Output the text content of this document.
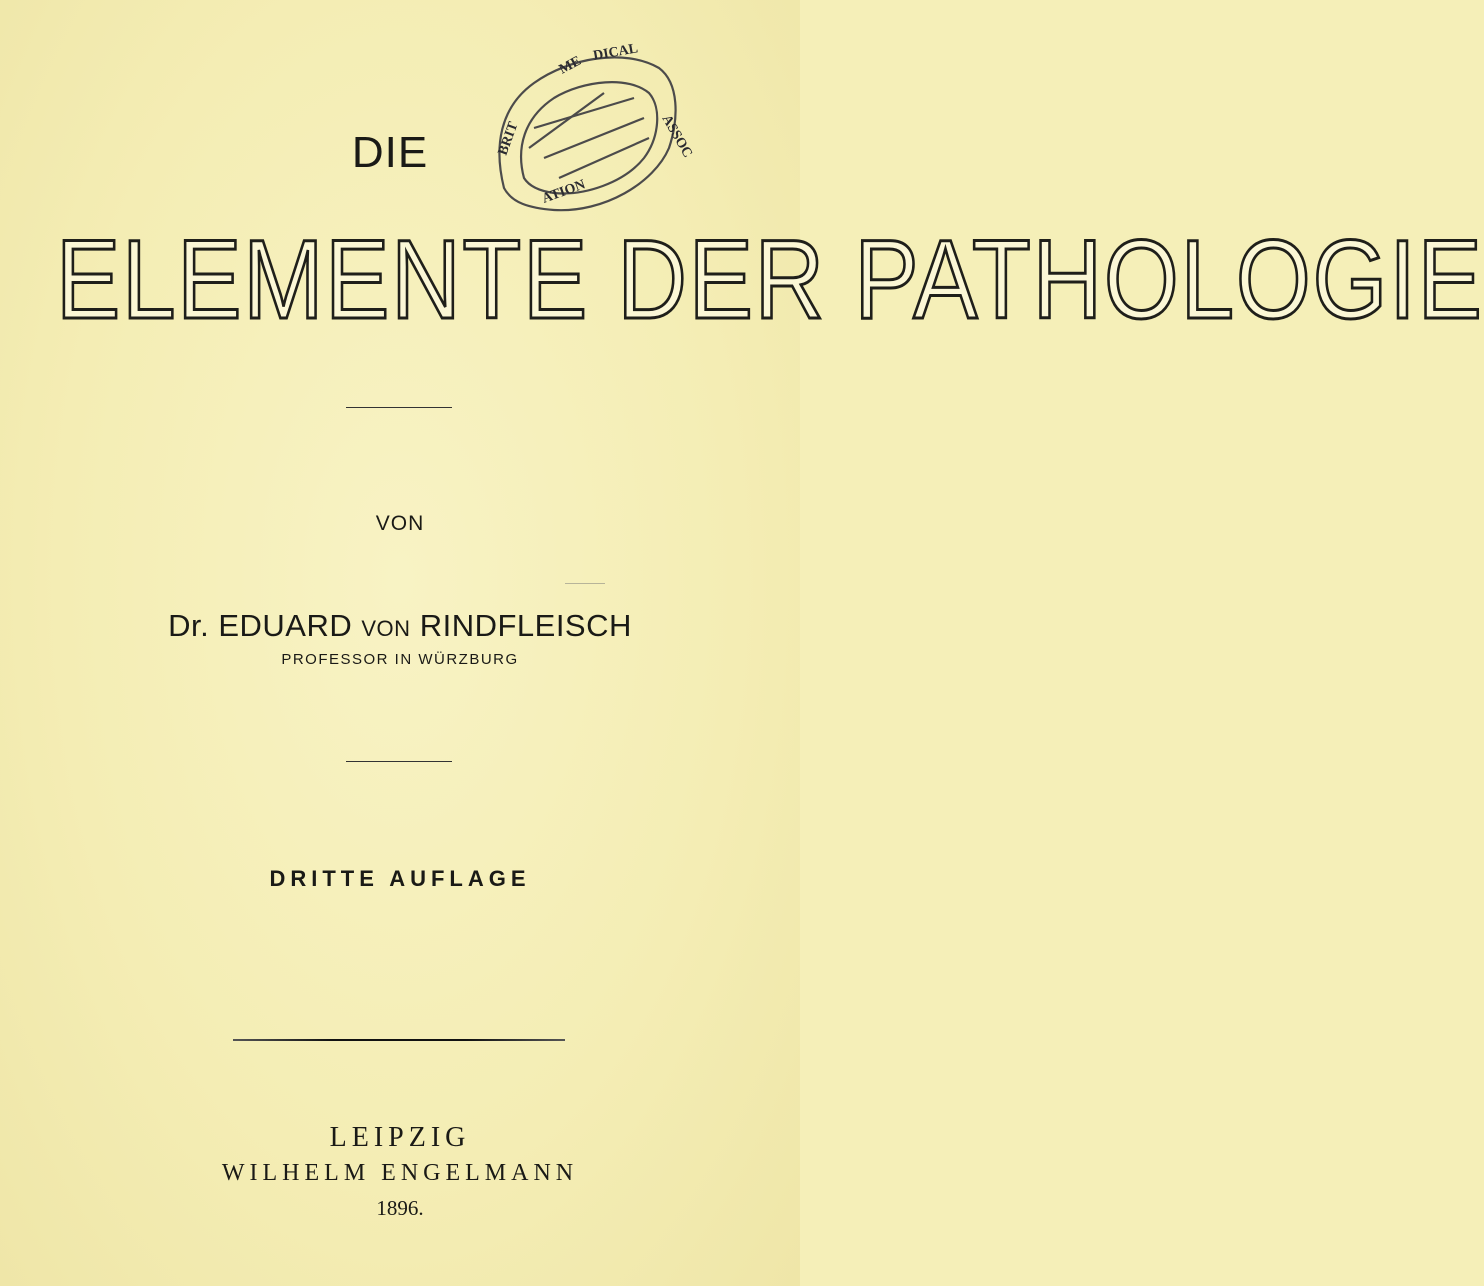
ME
DICAL
ASSOC
ATION
BRIT
DIE
ELEMENTE DER PATHOLOGIE
VON
Dr. EDUARD VON RINDFLEISCH
PROFESSOR IN WÜRZBURG
DRITTE AUFLAGE
LEIPZIG
WILHELM ENGELMANN
1896.
